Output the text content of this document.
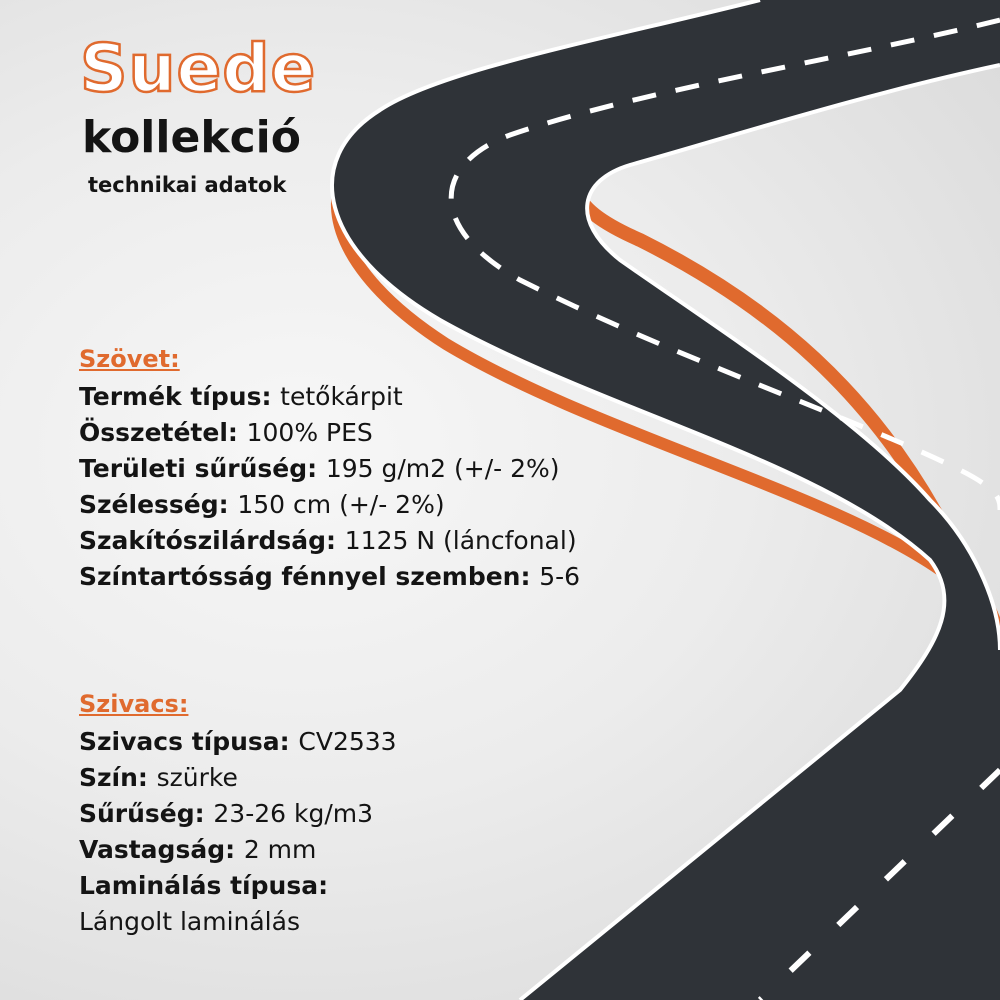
Suede
kollekció
technikai adatok
Szövet:
Termék típus: tetőkárpit
Összetétel: 100% PES
Területi sűrűség: 195 g/m2 (+/- 2%)
Szélesség: 150 cm (+/- 2%)
Szakítószilárdság: 1125 N (láncfonal)
Színtartósság fénnyel szemben: 5-6
Szivacs:
Szivacs típusa: CV2533
Szín: szürke
Sűrűség: 23-26 kg/m3
Vastagság: 2 mm
Laminálás típusa:
Lángolt laminálás
